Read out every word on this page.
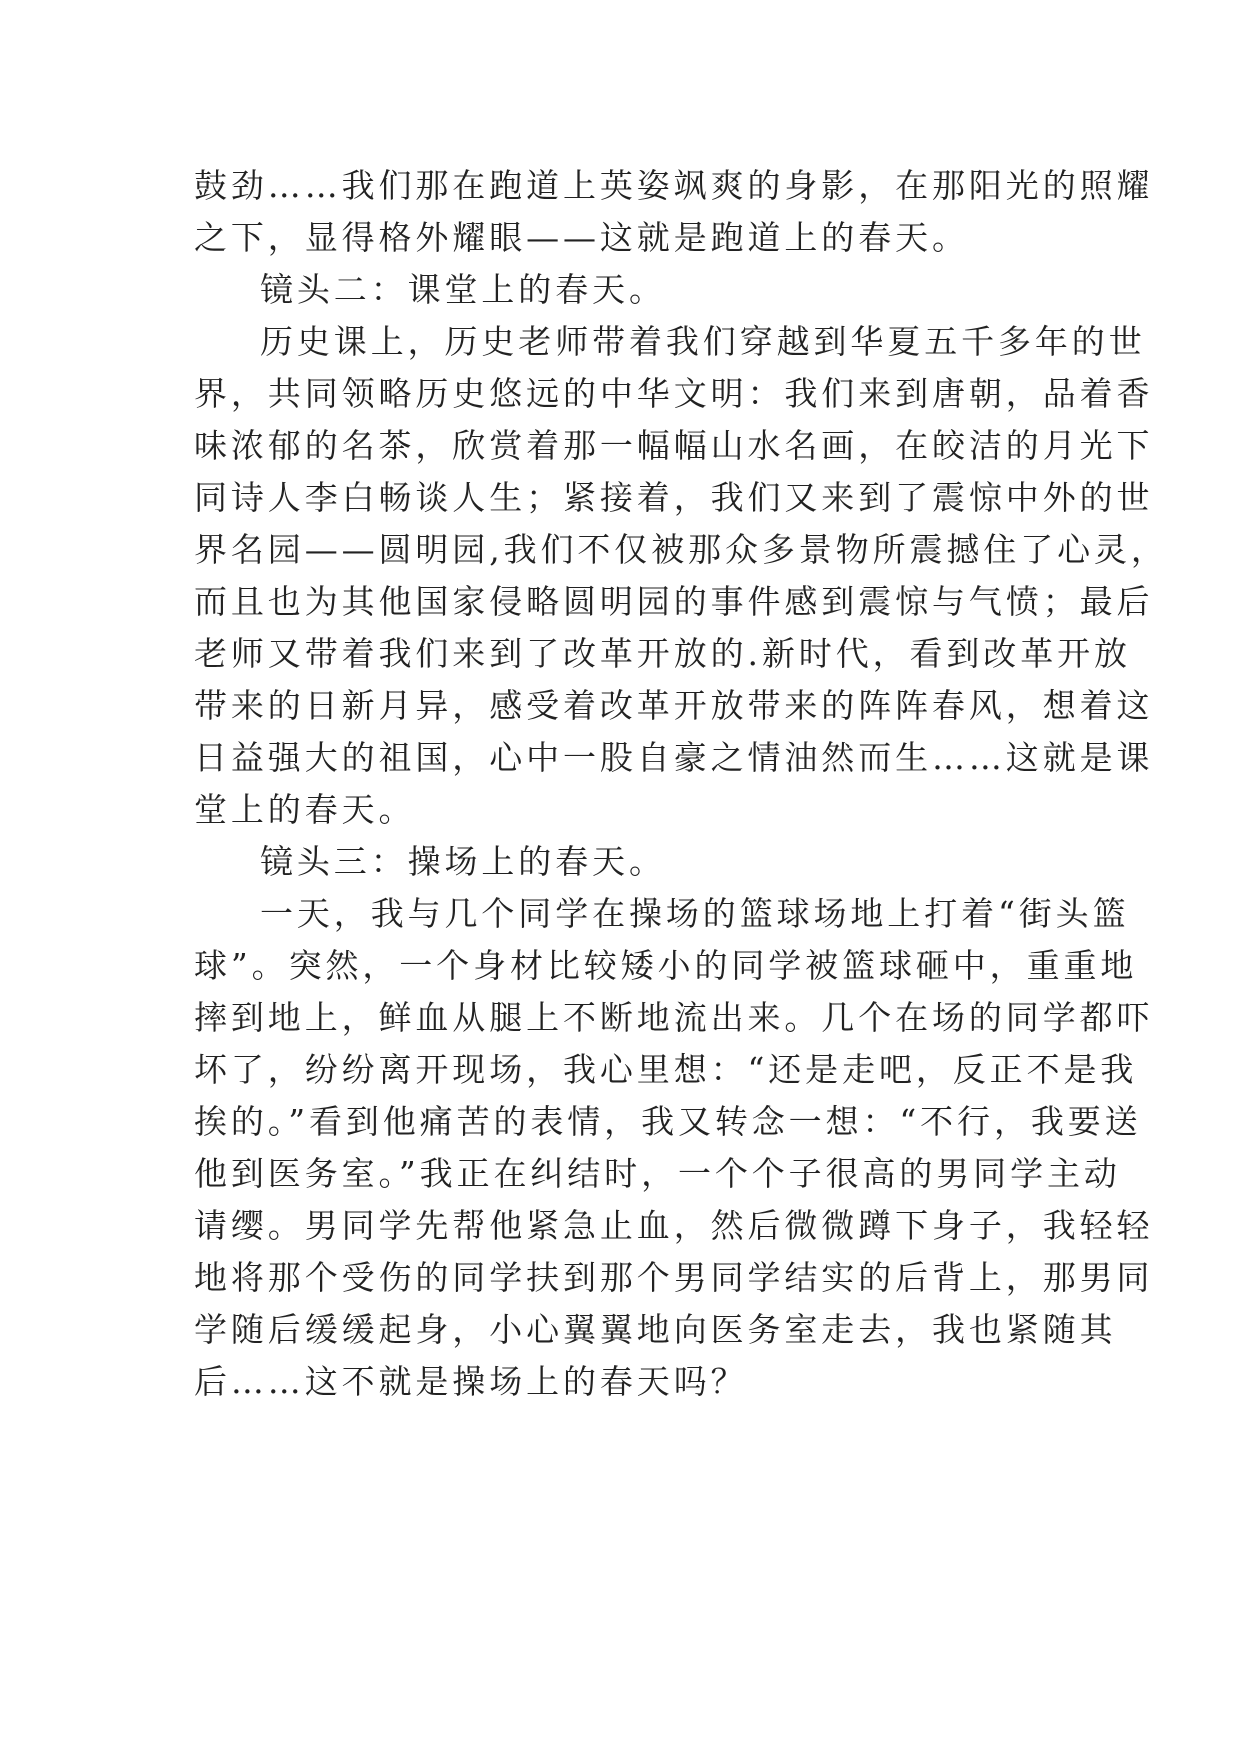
鼓劲……我们那在跑道上英姿飒爽的身影，在那阳光的照耀
之下，显得格外耀眼——这就是跑道上的春天。
镜头二：课堂上的春天。
历史课上，历史老师带着我们穿越到华夏五千多年的世
界，共同领略历史悠远的中华文明：我们来到唐朝，品着香
味浓郁的名茶，欣赏着那一幅幅山水名画，在皎洁的月光下
同诗人李白畅谈人生；紧接着，我们又来到了震惊中外的世
界名园——圆明园,我们不仅被那众多景物所震撼住了心灵，
而且也为其他国家侵略圆明园的事件感到震惊与气愤；最后
老师又带着我们来到了改革开放的.新时代，看到改革开放
带来的日新月异，感受着改革开放带来的阵阵春风，想着这
日益强大的祖国，心中一股自豪之情油然而生……这就是课
堂上的春天。
镜头三：操场上的春天。
一天，我与几个同学在操场的篮球场地上打着“街头篮
球”。突然，一个身材比较矮小的同学被篮球砸中，重重地
摔到地上，鲜血从腿上不断地流出来。几个在场的同学都吓
坏了，纷纷离开现场，我心里想：“还是走吧，反正不是我
挨的。”看到他痛苦的表情，我又转念一想：“不行，我要送
他到医务室。”我正在纠结时，一个个子很高的男同学主动
请缨。男同学先帮他紧急止血，然后微微蹲下身子，我轻轻
地将那个受伤的同学扶到那个男同学结实的后背上，那男同
学随后缓缓起身，小心翼翼地向医务室走去，我也紧随其
后……这不就是操场上的春天吗？
